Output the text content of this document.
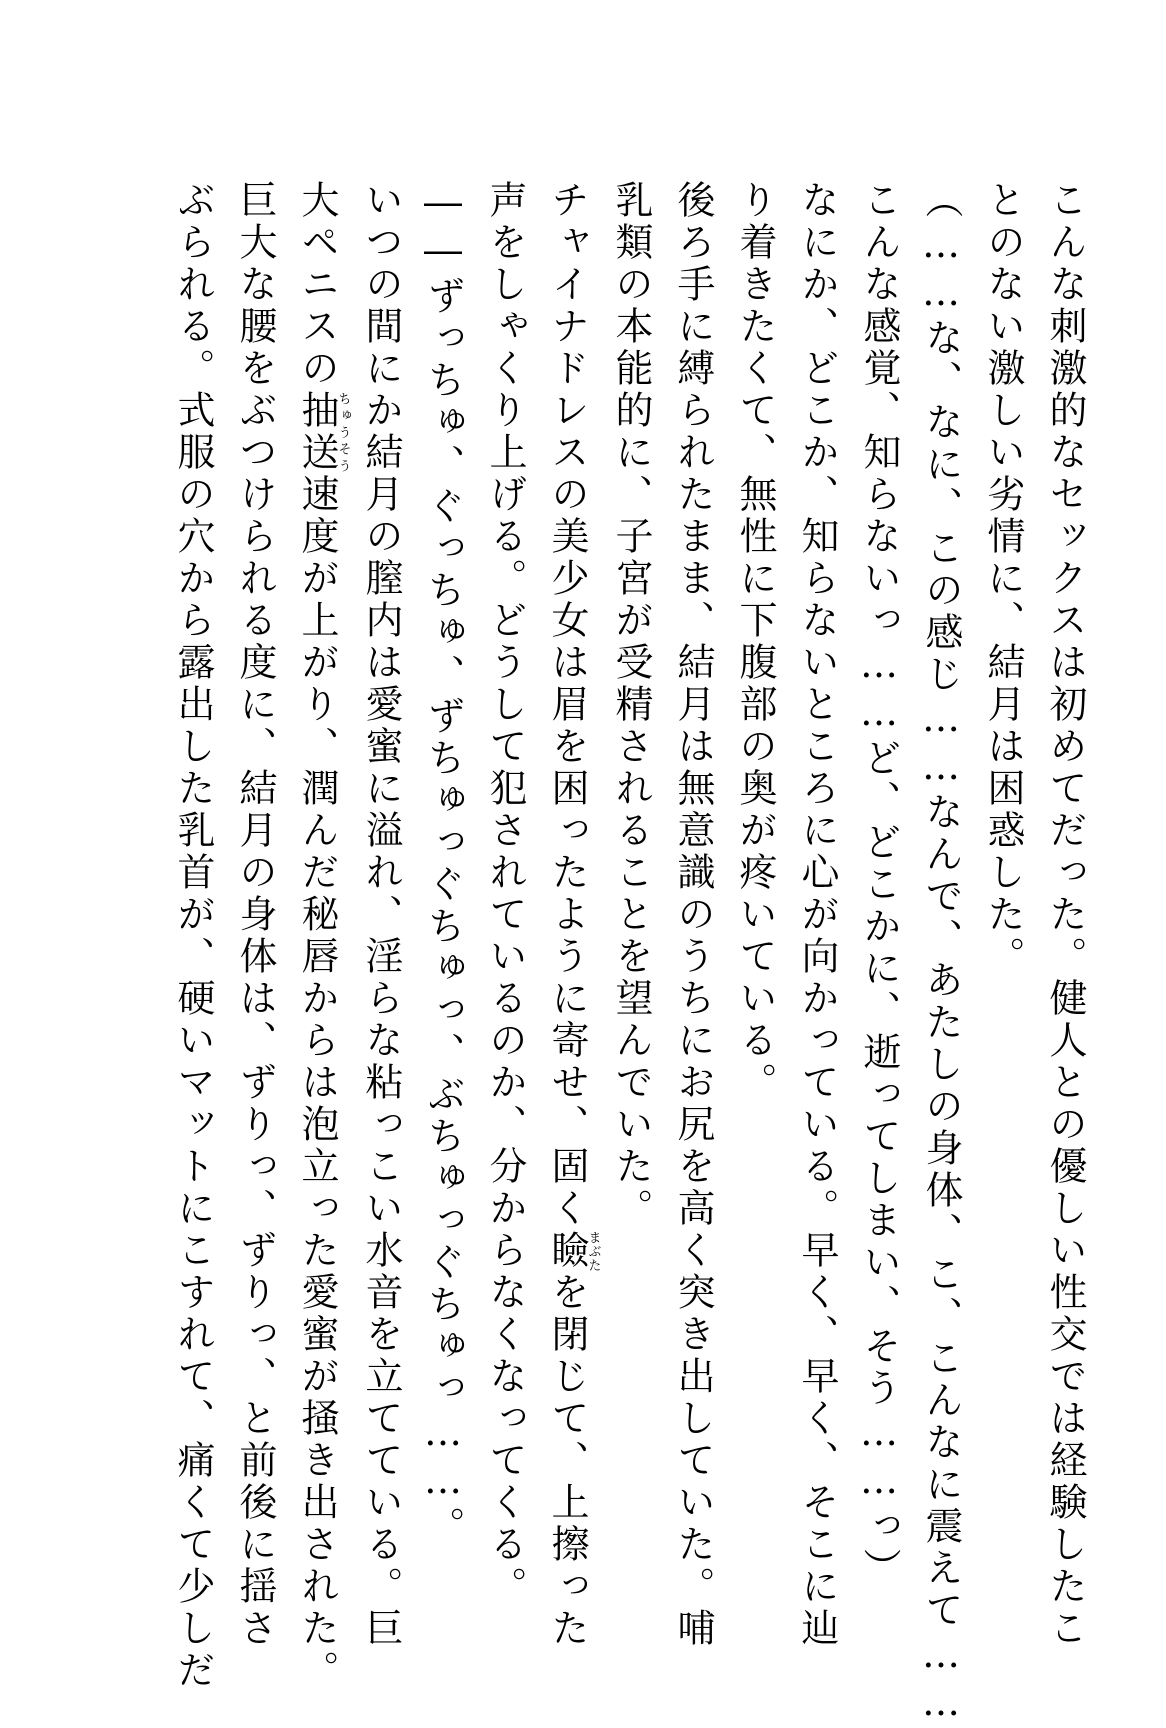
こんな刺激的なセックスは初めてだった。健人との優しい性交では経験したこ
とのない激しい劣情に、結月は困惑した。
（……な、なに、この感じ……なんで、あたしの身体、こ、こんなに震えて……
こんな感覚、知らないっ……ど、どこかに、逝ってしまい、そう……っ）
なにか、どこか、知らないところに心が向かっている。早く、早く、そこに辿
り着きたくて、無性に下腹部の奥が疼いている。
後ろ手に縛られたまま、結月は無意識のうちにお尻を高く突き出していた。哺
乳類の本能的に、子宮が受精されることを望んでいた。
チャイナドレスの美少女は眉を困ったように寄せ、固く瞼まぶたを閉じて、上擦った
声をしゃくり上げる。どうして犯されているのか、分からなくなってくる。
――ずっちゅ、ぐっちゅ、ずちゅっぐちゅっ、ぶちゅっぐちゅっ……。
いつの間にか結月の膣内は愛蜜に溢れ、淫らな粘っこい水音を立てている。巨
大ペニスの抽送ちゅうそう速度が上がり、潤んだ秘唇からは泡立った愛蜜が掻き出された。
巨大な腰をぶつけられる度に、結月の身体は、ずりっ、ずりっ、と前後に揺さ
ぶられる。式服の穴から露出した乳首が、硬いマットにこすれて、痛くて少しだ
